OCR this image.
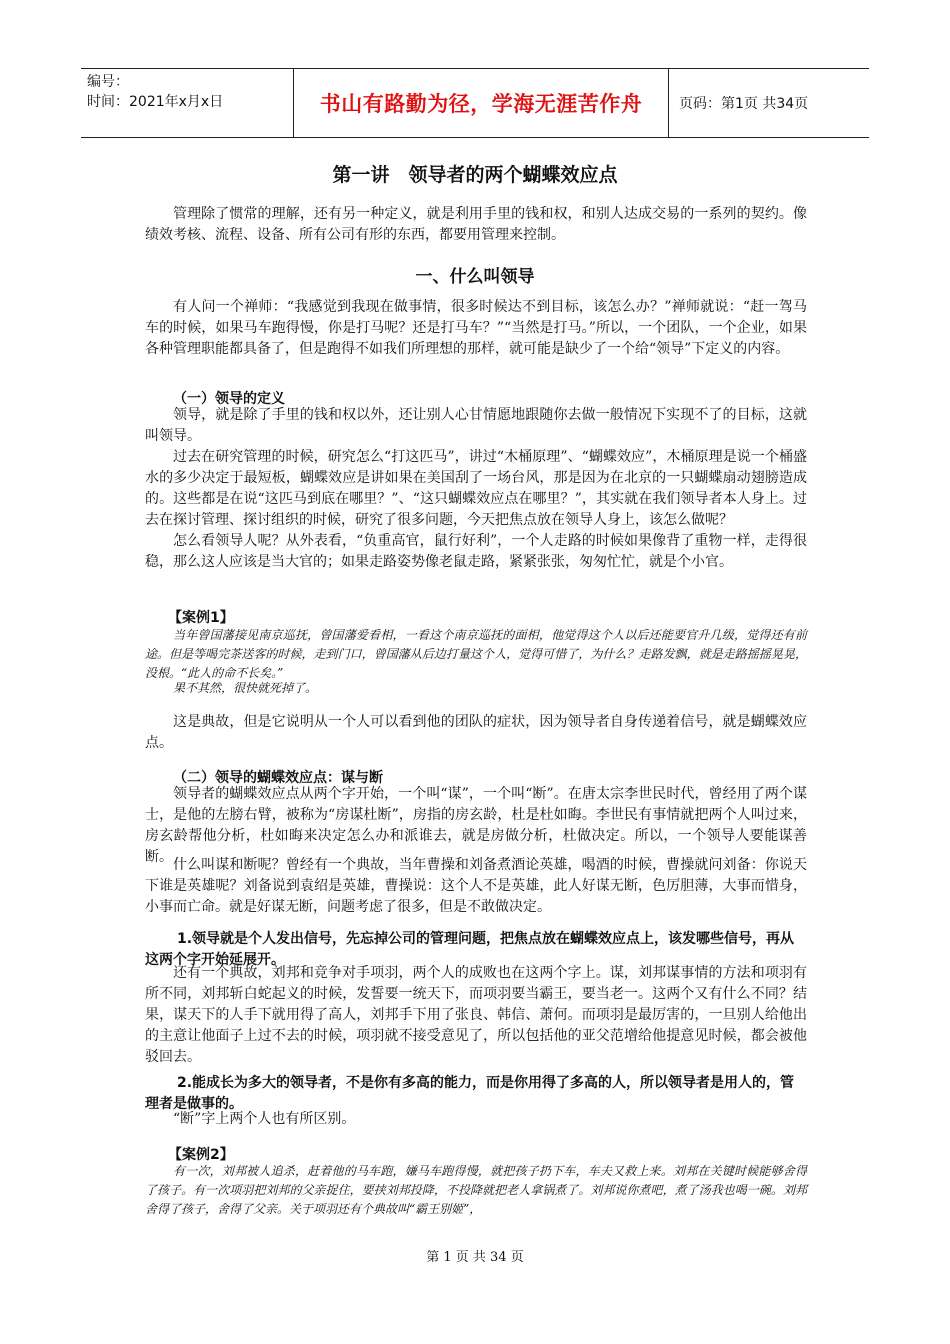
编号：
时间：2021年x月x日	书山有路勤为径，学海无涯苦作舟	页码：第1页 共34页
第一讲　领导者的两个蝴蝶效应点

管理除了惯常的理解，还有另一种定义，就是利用手里的钱和权，和别人达成交易的一系列的契约。像绩效考核、流程、设备、所有公司有形的东西，都要用管理来控制。

一、什么叫领导

有人问一个禅师：“我感觉到我现在做事情，很多时候达不到目标，该怎么办？”禅师就说：“赶一驾马车的时候，如果马车跑得慢，你是打马呢？还是打马车？”“当然是打马。”所以，一个团队，一个企业，如果各种管理职能都具备了，但是跑得不如我们所理想的那样，就可能是缺少了一个给“领导”下定义的内容。

（一）领导的定义

领导，就是除了手里的钱和权以外，还让别人心甘情愿地跟随你去做一般情况下实现不了的目标，这就叫领导。

过去在研究管理的时候，研究怎么“打这匹马”，讲过“木桶原理”、“蝴蝶效应”，木桶原理是说一个桶盛水的多少决定于最短板，蝴蝶效应是讲如果在美国刮了一场台风，那是因为在北京的一只蝴蝶扇动翅膀造成的。这些都是在说“这匹马到底在哪里？”、“这只蝴蝶效应点在哪里？”，其实就在我们领导者本人身上。过去在探讨管理、探讨组织的时候，研究了很多问题，今天把焦点放在领导人身上，该怎么做呢？

怎么看领导人呢？从外表看，“负重高官，鼠行好利”，一个人走路的时候如果像背了重物一样，走得很稳，那么这人应该是当大官的；如果走路姿势像老鼠走路，紧紧张张，匆匆忙忙，就是个小官。

【案例1】

当年曾国藩接见南京巡抚，曾国藩爱看相，一看这个南京巡抚的面相，他觉得这个人以后还能要官升几级，觉得还有前途。但是等喝完茶送客的时候，走到门口，曾国藩从后边打量这个人，觉得可惜了，为什么？走路发飘，就是走路摇摇晃晃，没根。“此人的命不长矣。”

果不其然，很快就死掉了。

这是典故，但是它说明从一个人可以看到他的团队的症状，因为领导者自身传递着信号，就是蝴蝶效应点。

（二）领导的蝴蝶效应点：谋与断

领导者的蝴蝶效应点从两个字开始，一个叫“谋”，一个叫“断”。在唐太宗李世民时代，曾经用了两个谋士，是他的左膀右臂，被称为“房谋杜断”，房指的房玄龄，杜是杜如晦。李世民有事情就把两个人叫过来，房玄龄帮他分析，杜如晦来决定怎么办和派谁去，就是房做分析，杜做决定。所以，一个领导人要能谋善断。 什么叫谋和断呢？曾经有一个典故，当年曹操和刘备煮酒论英雄，喝酒的时候，曹操就问刘备：你说天下谁是英雄呢？刘备说到袁绍是英雄，曹操说：这个人不是英雄，此人好谋无断，色厉胆薄，大事而惜身，小事而亡命。就是好谋无断，问题考虑了很多，但是不敢做决定。

1.领导就是个人发出信号，先忘掉公司的管理问题，把焦点放在蝴蝶效应点上，该发哪些信号，再从这两个字开始延展开。

还有一个典故，刘邦和竞争对手项羽，两个人的成败也在这两个字上。谋，刘邦谋事情的方法和项羽有所不同，刘邦斩白蛇起义的时候，发誓要一统天下，而项羽要当霸王，要当老一。这两个又有什么不同？结果，谋天下的人手下就用得了高人，刘邦手下用了张良、韩信、萧何。而项羽是最厉害的，一旦别人给他出的主意让他面子上过不去的时候，项羽就不接受意见了，所以包括他的亚父范增给他提意见时候，都会被他驳回去。

2.能成长为多大的领导者，不是你有多高的能力，而是你用得了多高的人，所以领导者是用人的，管理者是做事的。

“断”字上两个人也有所区别。

【案例2】

有一次，刘邦被人追杀，赶着他的马车跑，嫌马车跑得慢，就把孩子扔下车，车夫又救上来。刘邦在关键时候能够舍得了孩子。有一次项羽把刘邦的父亲捉住，要挟刘邦投降，不投降就把老人拿锅煮了。刘邦说你煮吧，煮了汤我也喝一碗。刘邦舍得了孩子，舍得了父亲。关于项羽还有个典故叫“霸王别姬”，

第 1 页 共 34 页
